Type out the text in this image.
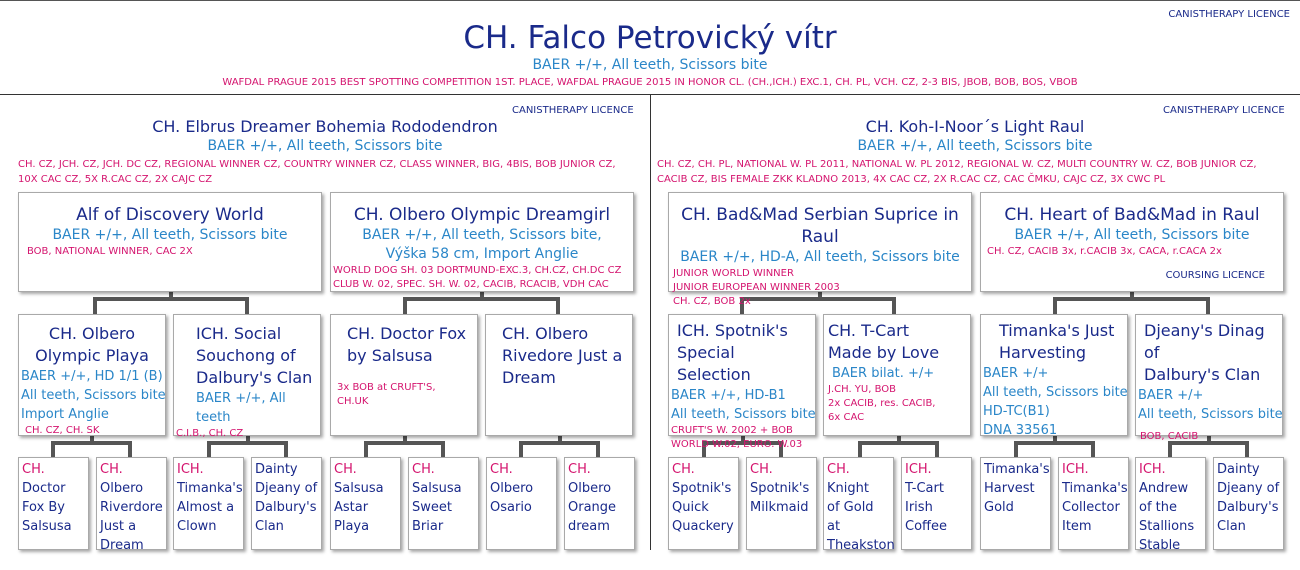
CANISTHERAPY LICENCE
CH. Falco Petrovický vítr
BAER +/+, All teeth, Scissors bite
WAFDAL PRAGUE 2015 BEST SPOTTING COMPETITION 1ST. PLACE, WAFDAL PRAGUE 2015 IN HONOR CL. (CH.,ICH.) EXC.1, CH. PL, VCH. CZ, 2-3 BIS, JBOB, BOB, BOS, VBOB
CANISTHERAPY LICENCE
CH. Elbrus Dreamer Bohemia Rododendron
BAER +/+, All teeth, Scissors bite
CH. CZ, JCH. CZ, JCH. DC CZ, REGIONAL WINNER CZ, COUNTRY WINNER CZ, CLASS WINNER, BIG, 4BIS, BOB JUNIOR CZ,
10X CAC CZ, 5X R.CAC CZ, 2X CAJC CZ
CANISTHERAPY LICENCE
CH. Koh-I-Noor´s Light Raul
BAER +/+, All teeth, Scissors bite
CH. CZ, CH. PL, NATIONAL W. PL 2011, NATIONAL W. PL 2012, REGIONAL W. CZ, MULTI COUNTRY W. CZ, BOB JUNIOR CZ,
CACIB CZ, BIS FEMALE ZKK KLADNO 2013, 4X CAC CZ, 2X R.CAC CZ, CAC ČMKU, CAJC CZ, 3X CWC PL
Alf of Discovery World
BAER +/+, All teeth, Scissors bite
BOB, NATIONAL WINNER, CAC 2X
CH. Olbero Olympic Dreamgirl
BAER +/+, All teeth, Scissors bite,
Výška 58 cm, Import Anglie
WORLD DOG SH. 03 DORTMUND-EXC.3, CH.CZ, CH.DC CZ
CLUB W. 02, SPEC. SH. W. 02, CACIB, RCACIB, VDH CAC
CH. Bad&Mad Serbian Suprice in Raul
BAER +/+, HD-A, All teeth, Scissors bite
JUNIOR WORLD WINNER
JUNIOR EUROPEAN WINNER 2003
CH. CZ, BOB 2x
CH. Heart of Bad&Mad in Raul
BAER +/+, All teeth, Scissors bite
CH. CZ, CACIB 3x, r.CACIB 3x, CACA, r.CACA 2x
COURSING LICENCE
CH. Olbero
Olympic Playa
BAER +/+, HD 1/1 (B)
All teeth, Scissors bite
Import Anglie
CH. CZ, CH. SK
ICH. Social
Souchong of
Dalbury's Clan
BAER +/+, All teeth
C.I.B., CH. CZ
CH. Doctor Fox
by Salsusa
3x BOB at CRUFT'S,
CH.UK
CH. Olbero
Rivedore Just a
Dream
ICH. Spotnik's
Special Selection
BAER +/+, HD-B1
All teeth, Scissors bite
CRUFT'S W. 2002 + BOB
WORLD W.02, EURO. W.03
CH. T-Cart
Made by Love
BAER bilat. +/+
J.CH. YU, BOB
2x CACIB, res. CACIB,
6x CAC
Timanka's Just
Harvesting
BAER +/+
All teeth, Scissors bite
HD-TC(B1)
DNA 33561
Djeany's Dinag of
Dalbury's Clan
BAER +/+
All teeth, Scissors bite
BOB, CACIB
CH.
Doctor
Fox By
Salsusa
CH.
Olbero
Riverdore
Just a
Dream
ICH.
Timanka's
Almost a
Clown
Dainty
Djeany of
Dalbury's
Clan
CH.
Salsusa
Astar
Playa
CH.
Salsusa
Sweet
Briar
CH.
Olbero
Osario
CH.
Olbero
Orange
dream
CH.
Spotnik's
Quick
Quackery
CH.
Spotnik's
Milkmaid
CH. Knight
of Gold at
Theakston
ICH.
T-Cart
Irish
Coffee
Timanka's
Harvest
Gold
ICH.
Timanka's
Collector
Item
ICH.
Andrew
of the
Stallions
Stable
Dainty
Djeany of
Dalbury's
Clan
